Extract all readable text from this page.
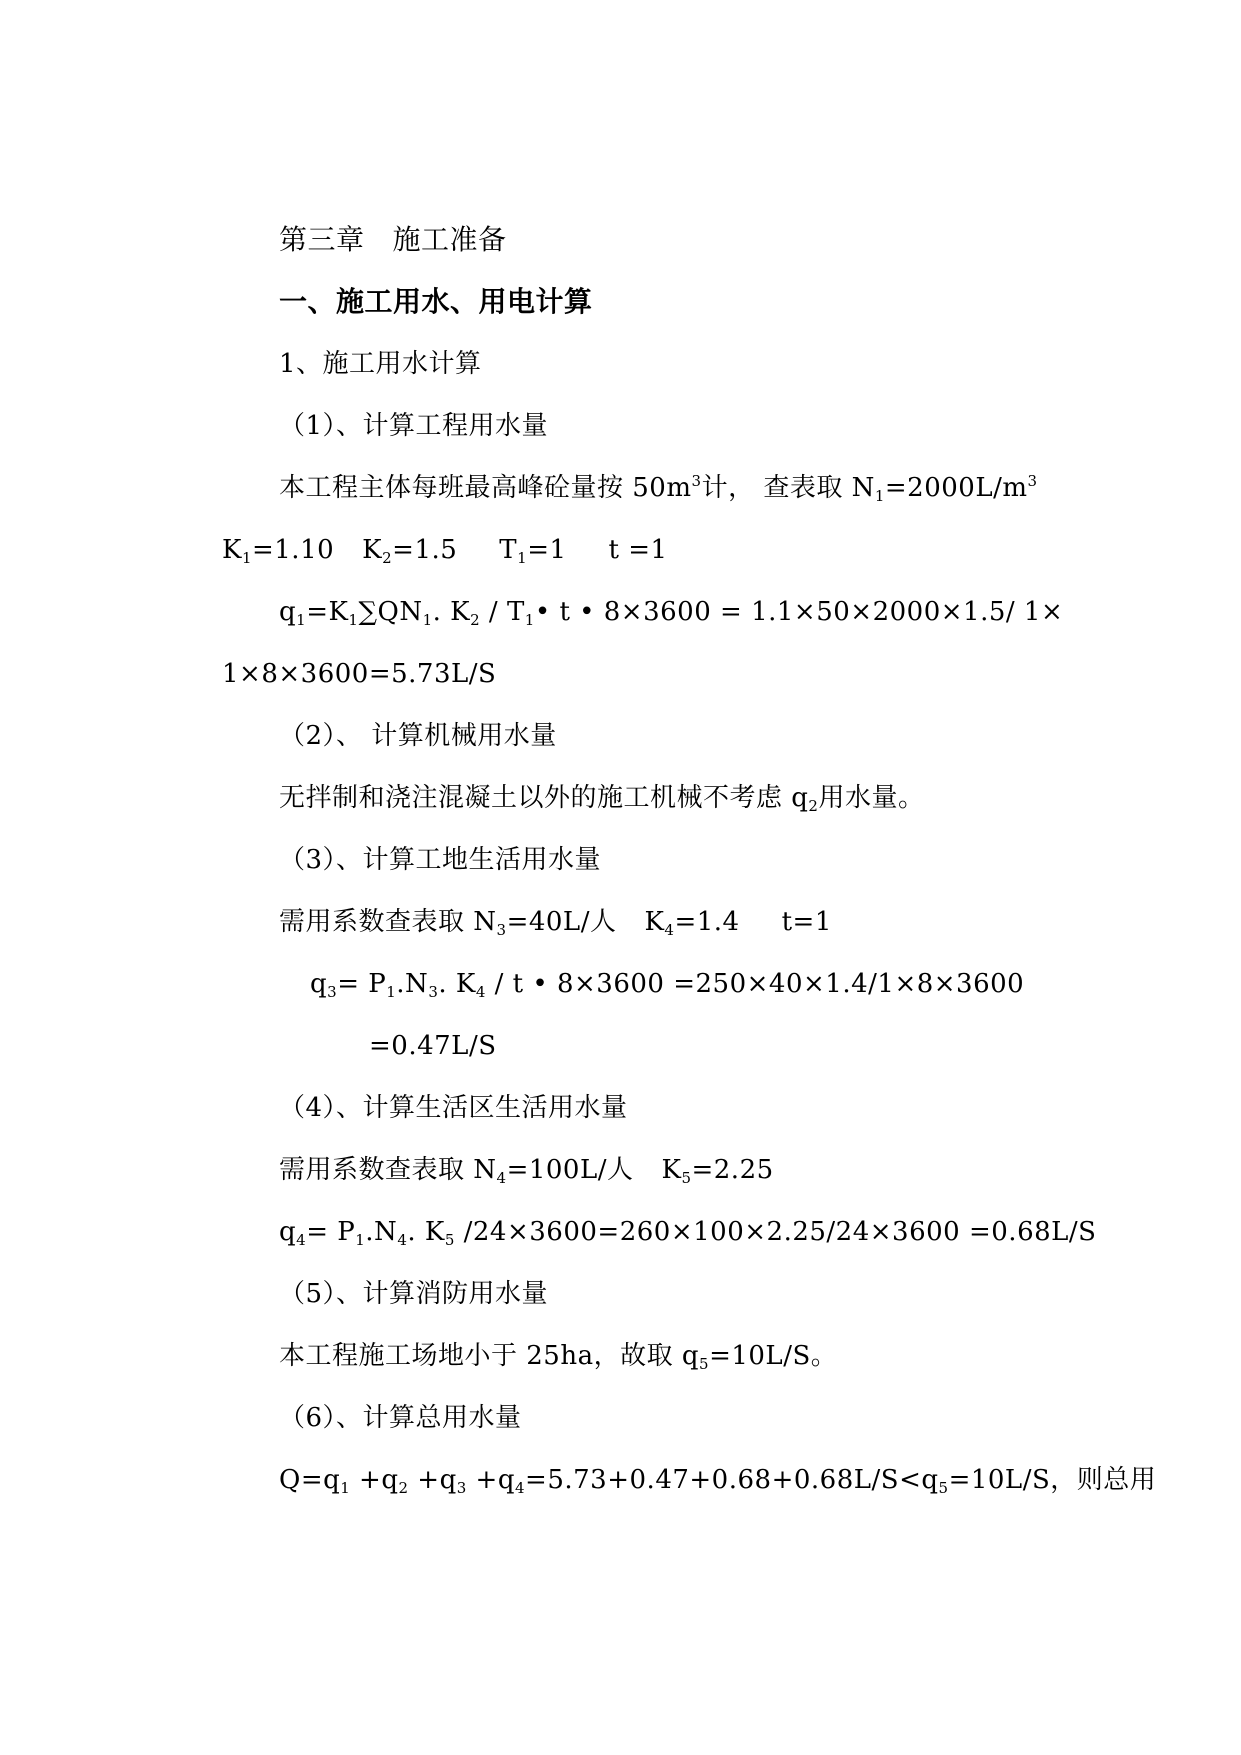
第三章 施工准备
一、施工用水、用电计算
1、施工用水计算
（1）、计算工程用水量
本工程主体每班最高峰砼量按 $50m^3$计， 查表取 $N_1=2000L/m^3$
$K_1=1.10$ $K_2=1.5$ $T_1=1$ t =1
$q_1=K_1\sum QN_1$. $K_2$ / $T_1•$ t • 8×3600 = 1.1×50×2000×1.5/ 1×
1×8×3600=5.73L/S
（2）、 计算机械用水量
无拌制和浇注混凝土以外的施工机械不考虑 $q_2$用水量。
（3）、计算工地生活用水量
需用系数查表取 $N_3=40L/$人 $K_4=1.4$ t=1
$q_3= P_1.N_3$. $K_4$ / t • 8×3600 =250×40×1.4/1×8×3600
=0.47L/S
（4）、计算生活区生活用水量
需用系数查表取 $N_4=100L/$人 $K_5=2.25$
$q_4= P_1.N_4$. $K_5$ /24×3600=260×100×2.25/24×3600 =0.68L/S
（5）、计算消防用水量
本工程施工场地小于 25ha，故取 $q_5=10L/S$。
（6）、计算总用水量
$Q=q_1 +q_2 +q_3 +q_4=5.73+0.47+0.68+0.68L/S<q_5=10L/S$，则总用
